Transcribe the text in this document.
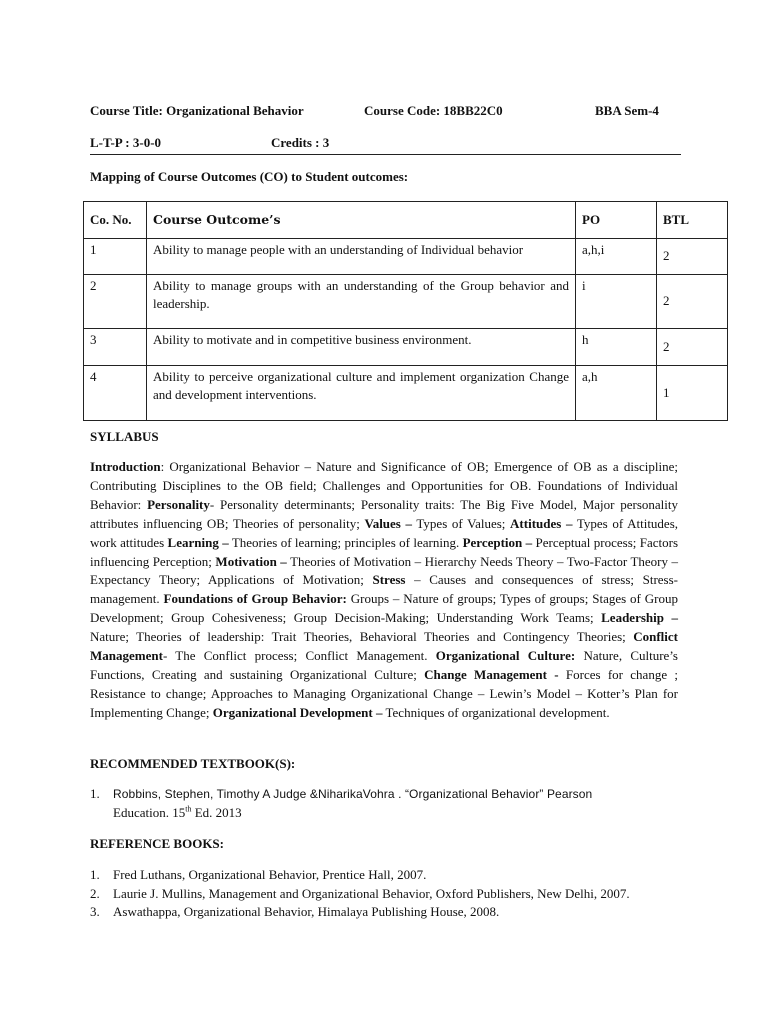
Course Title: Organizational Behavior	Course Code: 18BB22C0	BBA Sem-4
L-T-P : 3-0-0	Credits : 3
Mapping of Course Outcomes (CO) to Student outcomes:
Co. No.	Course Outcome’s	PO	BTL
1	Ability to manage people with an understanding of Individual behavior	a,h,i	2
2	Ability to manage groups with an understanding of the Group behavior and leadership.	i	2
3	Ability to motivate and in competitive business environment.	h	2
4	Ability to perceive organizational culture and implement organization Change and development interventions.	a,h	1
SYLLABUS
Introduction: Organizational Behavior – Nature and Significance of OB; Emergence of OB as a discipline; Contributing Disciplines to the OB field; Challenges and Opportunities for OB. Foundations of Individual Behavior: Personality- Personality determinants; Personality traits: The Big Five Model, Major personality attributes influencing OB; Theories of personality; Values – Types of Values; Attitudes – Types of Attitudes, work attitudes Learning – Theories of learning; principles of learning. Perception – Perceptual process; Factors influencing Perception; Motivation – Theories of Motivation – Hierarchy Needs Theory – Two-Factor Theory – Expectancy Theory; Applications of Motivation; Stress – Causes and consequences of stress; Stress-management. Foundations of Group Behavior: Groups – Nature of groups; Types of groups; Stages of Group Development; Group Cohesiveness; Group Decision-Making; Understanding Work Teams; Leadership – Nature; Theories of leadership: Trait Theories, Behavioral Theories and Contingency Theories; Conflict Management- The Conflict process; Conflict Management. Organizational Culture: Nature, Culture’s Functions, Creating and sustaining Organizational Culture; Change Management - Forces for change ; Resistance to change; Approaches to Managing Organizational Change – Lewin’s Model – Kotter’s Plan for Implementing Change; Organizational Development – Techniques of organizational development.
RECOMMENDED TEXTBOOK(S):
1. Robbins, Stephen, Timothy A Judge &NiharikaVohra . “Organizational Behavior” Pearson
Education. 15th Ed. 2013
REFERENCE BOOKS:
1. Fred Luthans, Organizational Behavior, Prentice Hall, 2007.
2. Laurie J. Mullins, Management and Organizational Behavior, Oxford Publishers, New Delhi, 2007.
3. Aswathappa, Organizational Behavior, Himalaya Publishing House, 2008.
